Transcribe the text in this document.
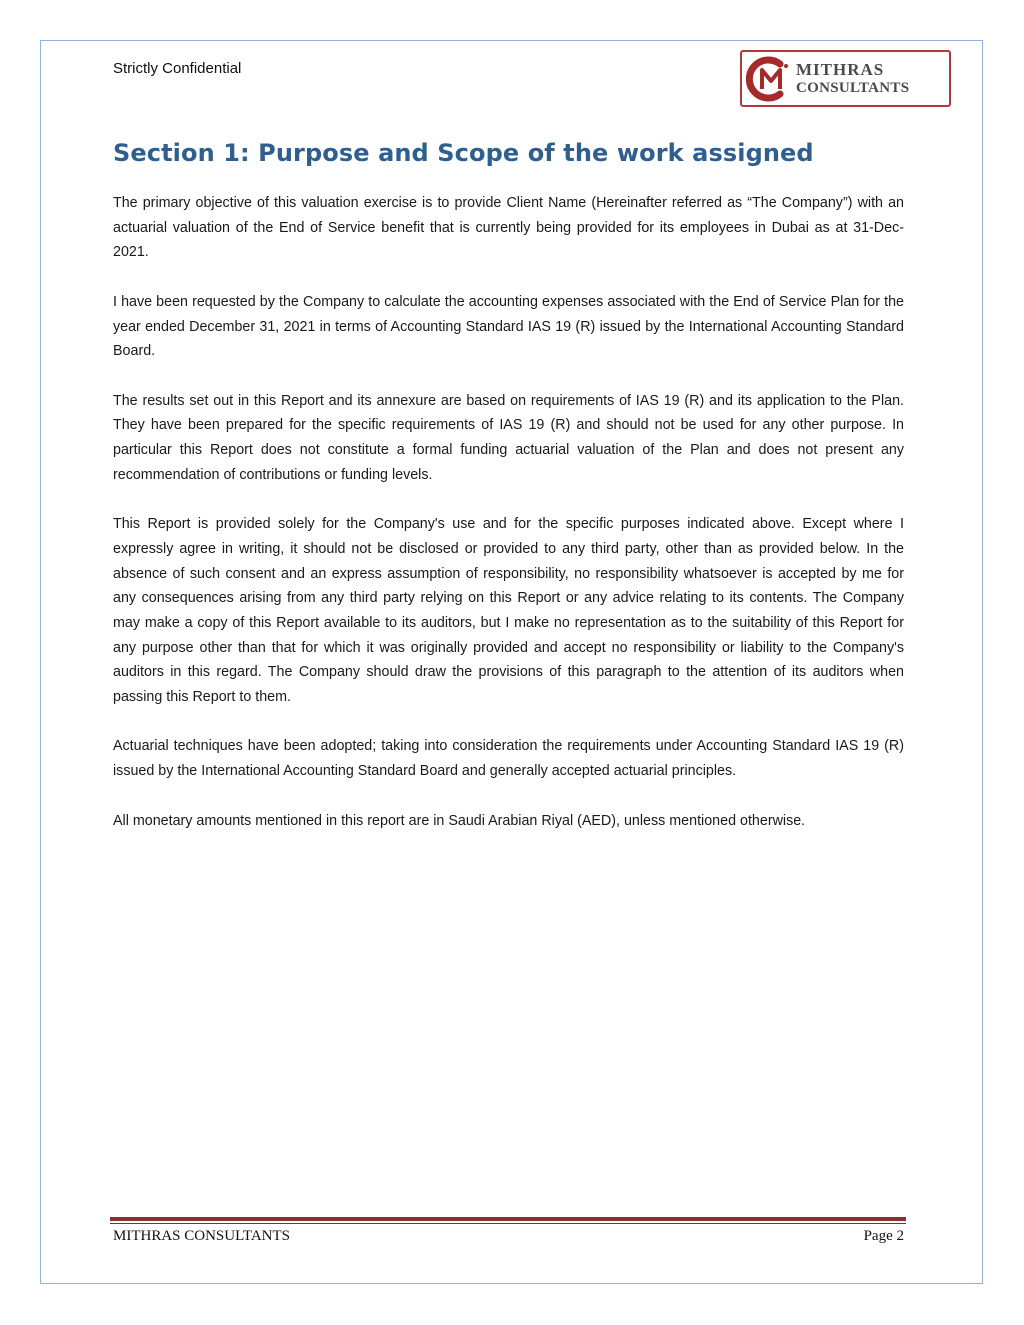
Strictly Confidential	MITHRAS
CONSULTANTS
Section 1: Purpose and Scope of the work assigned

The primary objective of this valuation exercise is to provide Client Name (Hereinafter referred as “The Company”) with an actuarial valuation of the End of Service benefit that is currently being provided for its employees in Dubai as at 31-Dec-2021.

I have been requested by the Company to calculate the accounting expenses associated with the End of Service Plan for the year ended December 31, 2021 in terms of Accounting Standard IAS 19 (R) issued by the International Accounting Standard Board.

The results set out in this Report and its annexure are based on requirements of IAS 19 (R) and its application to the Plan. They have been prepared for the specific requirements of IAS 19 (R) and should not be used for any other purpose. In particular this Report does not constitute a formal funding actuarial valuation of the Plan and does not present any recommendation of contributions or funding levels.

This Report is provided solely for the Company's use and for the specific purposes indicated above. Except where I expressly agree in writing, it should not be disclosed or provided to any third party, other than as provided below. In the absence of such consent and an express assumption of responsibility, no responsibility whatsoever is accepted by me for any consequences arising from any third party relying on this Report or any advice relating to its contents. The Company may make a copy of this Report available to its auditors, but I make no representation as to the suitability of this Report for any purpose other than that for which it was originally provided and accept no responsibility or liability to the Company's auditors in this regard. The Company should draw the provisions of this paragraph to the attention of its auditors when passing this Report to them.

Actuarial techniques have been adopted; taking into consideration the requirements under Accounting Standard IAS 19 (R) issued by the International Accounting Standard Board and generally accepted actuarial principles.

All monetary amounts mentioned in this report are in Saudi Arabian Riyal (AED), unless mentioned otherwise.

MITHRAS CONSULTANTS	Page 2
